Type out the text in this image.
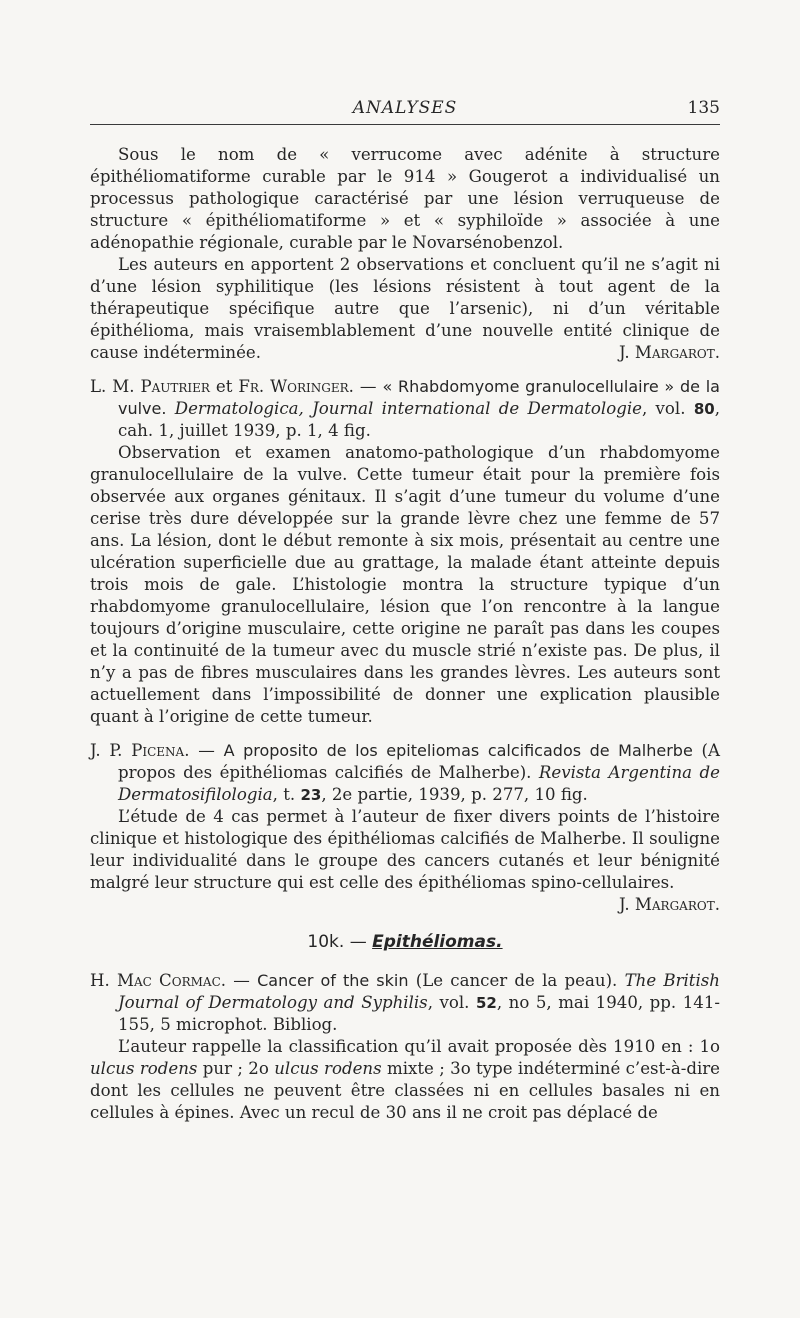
ANALYSES	135

Sous le nom de « verrucome avec adénite à structure épithéliomatiforme curable par le 914 » Gougerot a individualisé un processus pathologique caractérisé par une lésion verruqueuse de structure « épithéliomatiforme » et « syphiloïde » associée à une adénopathie régionale, curable par le Novarsénobenzol.

Les auteurs en apportent 2 observations et concluent qu’il ne s’agit ni d’une lésion syphilitique (les lésions résistent à tout agent de la thérapeutique spécifique autre que l’arsenic), ni d’un véritable épithélioma, mais vraisemblablement d’une nouvelle entité clinique de cause indéterminée.	J. Margarot.

L. M. Pautrier et Fr. Woringer. — « Rhabdomyome granulocellulaire » de la vulve. Dermatologica, Journal international de Dermatologie, vol. 80, cah. 1, juillet 1939, p. 1, 4 fig.

Observation et examen anatomo-pathologique d’un rhabdomyome granulocellulaire de la vulve. Cette tumeur était pour la première fois observée aux organes génitaux. Il s’agit d’une tumeur du volume d’une cerise très dure développée sur la grande lèvre chez une femme de 57 ans. La lésion, dont le début remonte à six mois, présentait au centre une ulcération superficielle due au grattage, la malade étant atteinte depuis trois mois de gale. L’histologie montra la structure typique d’un rhabdomyome granulocellulaire, lésion que l’on rencontre à la langue toujours d’origine musculaire, cette origine ne paraît pas dans les coupes et la continuité de la tumeur avec du muscle strié n’existe pas. De plus, il n’y a pas de fibres musculaires dans les grandes lèvres. Les auteurs sont actuellement dans l’impossibilité de donner une explication plausible quant à l’origine de cette tumeur.

J. P. Picena. — A proposito de los epiteliomas calcificados de Malherbe (A propos des épithéliomas calcifiés de Malherbe). Revista Argentina de Dermatosifilologia, t. 23, 2e partie, 1939, p. 277, 10 fig.

L’étude de 4 cas permet à l’auteur de fixer divers points de l’histoire clinique et histologique des épithéliomas calcifiés de Malherbe. Il souligne leur individualité dans le groupe des cancers cutanés et leur bénignité malgré leur structure qui est celle des épithéliomas spino-cellulaires.
J. Margarot.

10k. — Epithéliomas.

H. Mac Cormac. — Cancer of the skin (Le cancer de la peau). The British Journal of Dermatology and Syphilis, vol. 52, no 5, mai 1940, pp. 141-155, 5 microphot. Bibliog.

L’auteur rappelle la classification qu’il avait proposée dès 1910 en : 1o ulcus rodens pur ; 2o ulcus rodens mixte ; 3o type indéterminé c’est-à-dire dont les cellules ne peuvent être classées ni en cellules basales ni en cellules à épines. Avec un recul de 30 ans il ne croit pas déplacé de
